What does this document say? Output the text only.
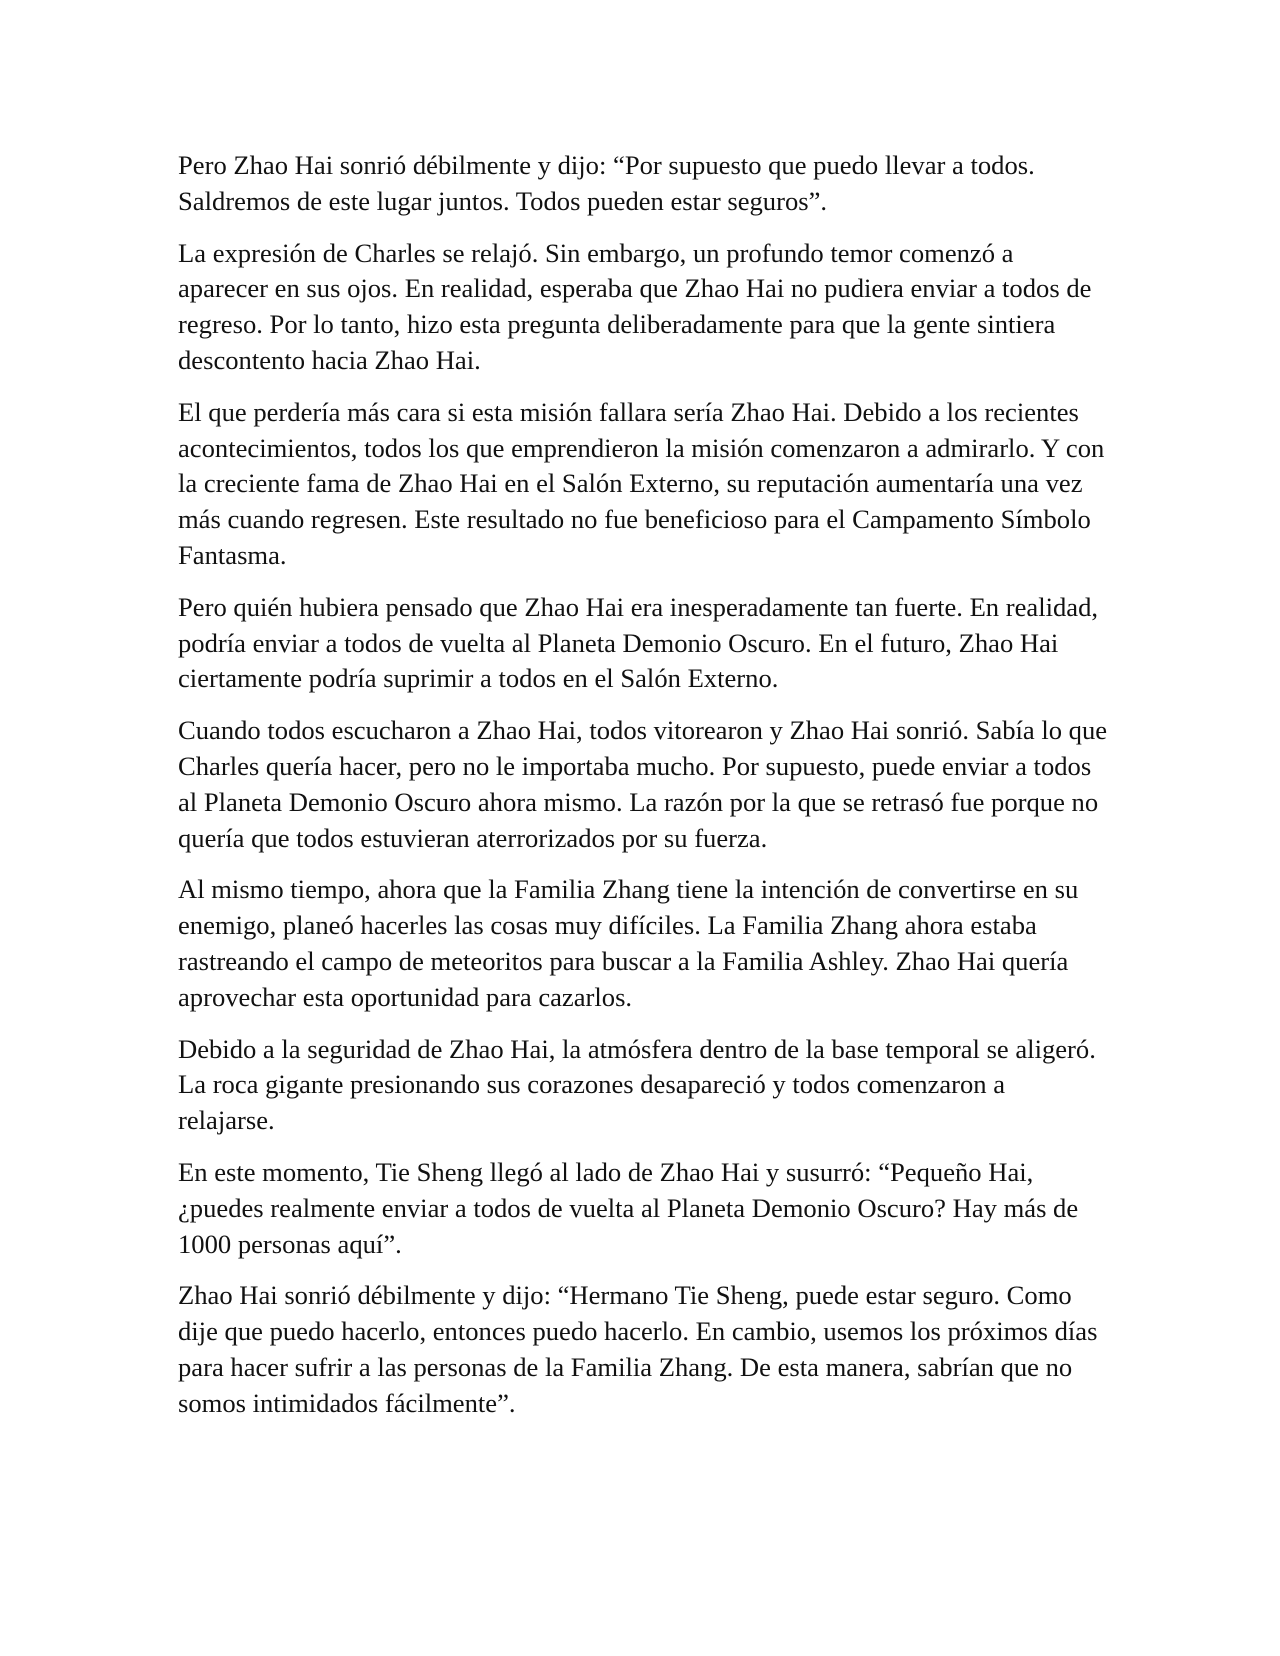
Pero Zhao Hai sonrió débilmente y dijo: “Por supuesto que puedo llevar a todos. Saldremos de este lugar juntos. Todos pueden estar seguros”.

La expresión de Charles se relajó. Sin embargo, un profundo temor comenzó a aparecer en sus ojos. En realidad, esperaba que Zhao Hai no pudiera enviar a todos de regreso. Por lo tanto, hizo esta pregunta deliberadamente para que la gente sintiera descontento hacia Zhao Hai.

El que perdería más cara si esta misión fallara sería Zhao Hai. Debido a los recientes acontecimientos, todos los que emprendieron la misión comenzaron a admirarlo. Y con la creciente fama de Zhao Hai en el Salón Externo, su reputación aumentaría una vez más cuando regresen. Este resultado no fue beneficioso para el Campamento Símbolo Fantasma.

Pero quién hubiera pensado que Zhao Hai era inesperadamente tan fuerte. En realidad, podría enviar a todos de vuelta al Planeta Demonio Oscuro. En el futuro, Zhao Hai ciertamente podría suprimir a todos en el Salón Externo.

Cuando todos escucharon a Zhao Hai, todos vitorearon y Zhao Hai sonrió. Sabía lo que Charles quería hacer, pero no le importaba mucho. Por supuesto, puede enviar a todos al Planeta Demonio Oscuro ahora mismo. La razón por la que se retrasó fue porque no quería que todos estuvieran aterrorizados por su fuerza.

Al mismo tiempo, ahora que la Familia Zhang tiene la intención de convertirse en su enemigo, planeó hacerles las cosas muy difíciles. La Familia Zhang ahora estaba rastreando el campo de meteoritos para buscar a la Familia Ashley. Zhao Hai quería aprovechar esta oportunidad para cazarlos.

Debido a la seguridad de Zhao Hai, la atmósfera dentro de la base temporal se aligeró. La roca gigante presionando sus corazones desapareció y todos comenzaron a relajarse.

En este momento, Tie Sheng llegó al lado de Zhao Hai y susurró: “Pequeño Hai, ¿puedes realmente enviar a todos de vuelta al Planeta Demonio Oscuro? Hay más de 1000 personas aquí”.

Zhao Hai sonrió débilmente y dijo: “Hermano Tie Sheng, puede estar seguro. Como dije que puedo hacerlo, entonces puedo hacerlo. En cambio, usemos los próximos días para hacer sufrir a las personas de la Familia Zhang. De esta manera, sabrían que no somos intimidados fácilmente”.
